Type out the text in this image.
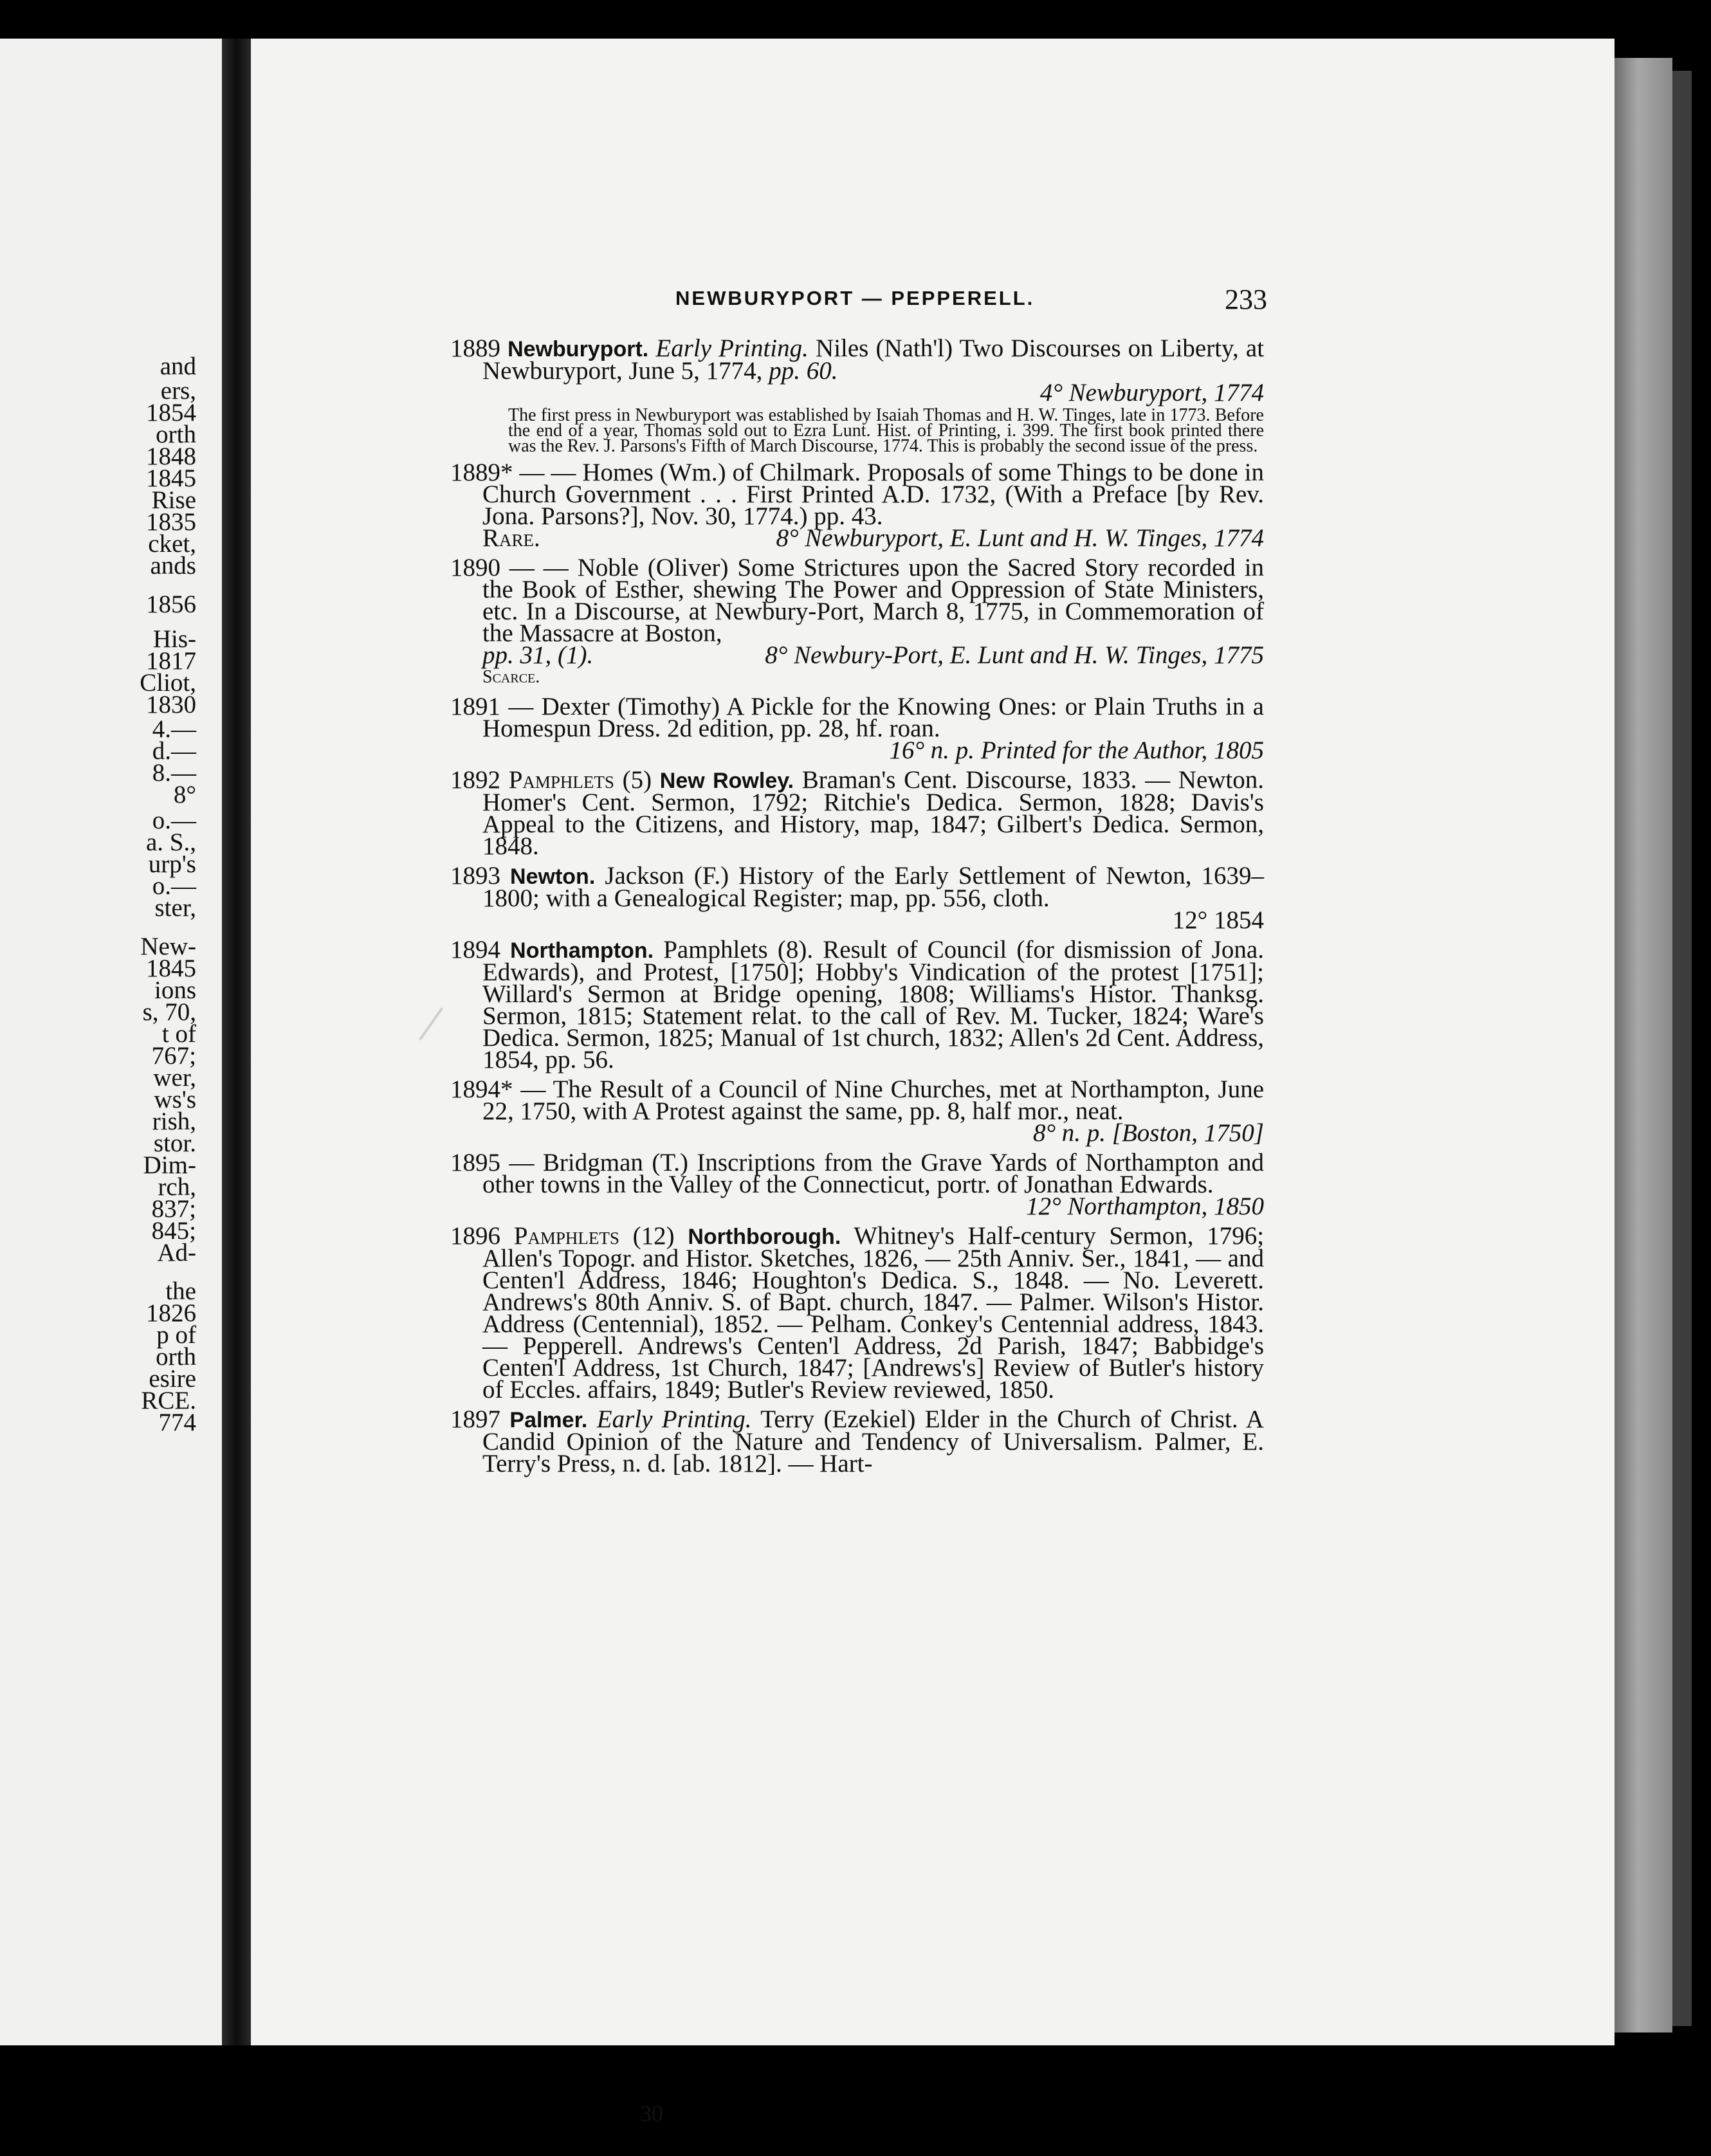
and
ers,
1854
orth
1848
1845
Rise
1835
cket,
ands
1856
His-
1817
Cliot,
1830
4.—
d.—
8.—
8°
o.—
a. S.,
urp's
o.—
ster,
New-
1845
ions
s, 70,
t of
767;
wer,
ws's
rish,
stor.
Dim-
rch,
837;
845;
Ad-
the
1826
p of
orth
esire
RCE.
774
NEWBURYPORT — PEPPERELL.	233
1889 Newburyport. Early Printing. Niles (Nath'l) Two Discourses on Liberty, at Newburyport, June 5, 1774, pp. 60.
4° Newburyport, 1774
The first press in Newburyport was established by Isaiah Thomas and H. W. Tinges, late in 1773. Before the end of a year, Thomas sold out to Ezra Lunt. Hist. of Printing, i. 399. The first book printed there was the Rev. J. Parsons's Fifth of March Discourse, 1774. This is probably the second issue of the press.
1889* — — Homes (Wm.) of Chilmark. Proposals of some Things to be done in Church Government . . . First Printed A.D. 1732, (With a Preface [by Rev. Jona. Parsons?], Nov. 30, 1774.) pp. 43.
Rare.	8° Newburyport, E. Lunt and H. W. Tinges, 1774
1890 — — Noble (Oliver) Some Strictures upon the Sacred Story recorded in the Book of Esther, shewing The Power and Oppression of State Ministers, etc. In a Discourse, at Newbury-Port, March 8, 1775, in Commemoration of the Massacre at Boston,
pp. 31, (1).	8° Newbury-Port, E. Lunt and H. W. Tinges, 1775
Scarce.
1891 — Dexter (Timothy) A Pickle for the Knowing Ones: or Plain Truths in a Homespun Dress. 2d edition, pp. 28, hf. roan.
16° n. p. Printed for the Author, 1805
1892 Pamphlets (5) New Rowley. Braman's Cent. Discourse, 1833. — Newton. Homer's Cent. Sermon, 1792; Ritchie's Dedica. Sermon, 1828; Davis's Appeal to the Citizens, and History, map, 1847; Gilbert's Dedica. Sermon, 1848.
1893 Newton. Jackson (F.) History of the Early Settlement of Newton, 1639–1800; with a Genealogical Register; map, pp. 556, cloth.
12° 1854
1894 Northampton. Pamphlets (8). Result of Council (for dismission of Jona. Edwards), and Protest, [1750]; Hobby's Vindication of the protest [1751]; Willard's Sermon at Bridge opening, 1808; Williams's Histor. Thanksg. Sermon, 1815; Statement relat. to the call of Rev. M. Tucker, 1824; Ware's Dedica. Sermon, 1825; Manual of 1st church, 1832; Allen's 2d Cent. Address, 1854, pp. 56.
1894* — The Result of a Council of Nine Churches, met at Northampton, June 22, 1750, with A Protest against the same, pp. 8, half mor., neat.
8° n. p. [Boston, 1750]
1895 — Bridgman (T.) Inscriptions from the Grave Yards of Northampton and other towns in the Valley of the Connecticut, portr. of Jonathan Edwards.
12° Northampton, 1850
1896 Pamphlets (12) Northborough. Whitney's Half-century Sermon, 1796; Allen's Topogr. and Histor. Sketches, 1826, — 25th Anniv. Ser., 1841, — and Centen'l Address, 1846; Houghton's Dedica. S., 1848. — No. Leverett. Andrews's 80th Anniv. S. of Bapt. church, 1847. — Palmer. Wilson's Histor. Address (Centennial), 1852. — Pelham. Conkey's Centennial address, 1843. — Pepperell. Andrews's Centen'l Address, 2d Parish, 1847; Babbidge's Centen'l Address, 1st Church, 1847; [Andrews's] Review of Butler's history of Eccles. affairs, 1849; Butler's Review reviewed, 1850.
1897 Palmer. Early Printing. Terry (Ezekiel) Elder in the Church of Christ. A Candid Opinion of the Nature and Tendency of Universalism. Palmer, E. Terry's Press, n. d. [ab. 1812]. — Hart-
30
